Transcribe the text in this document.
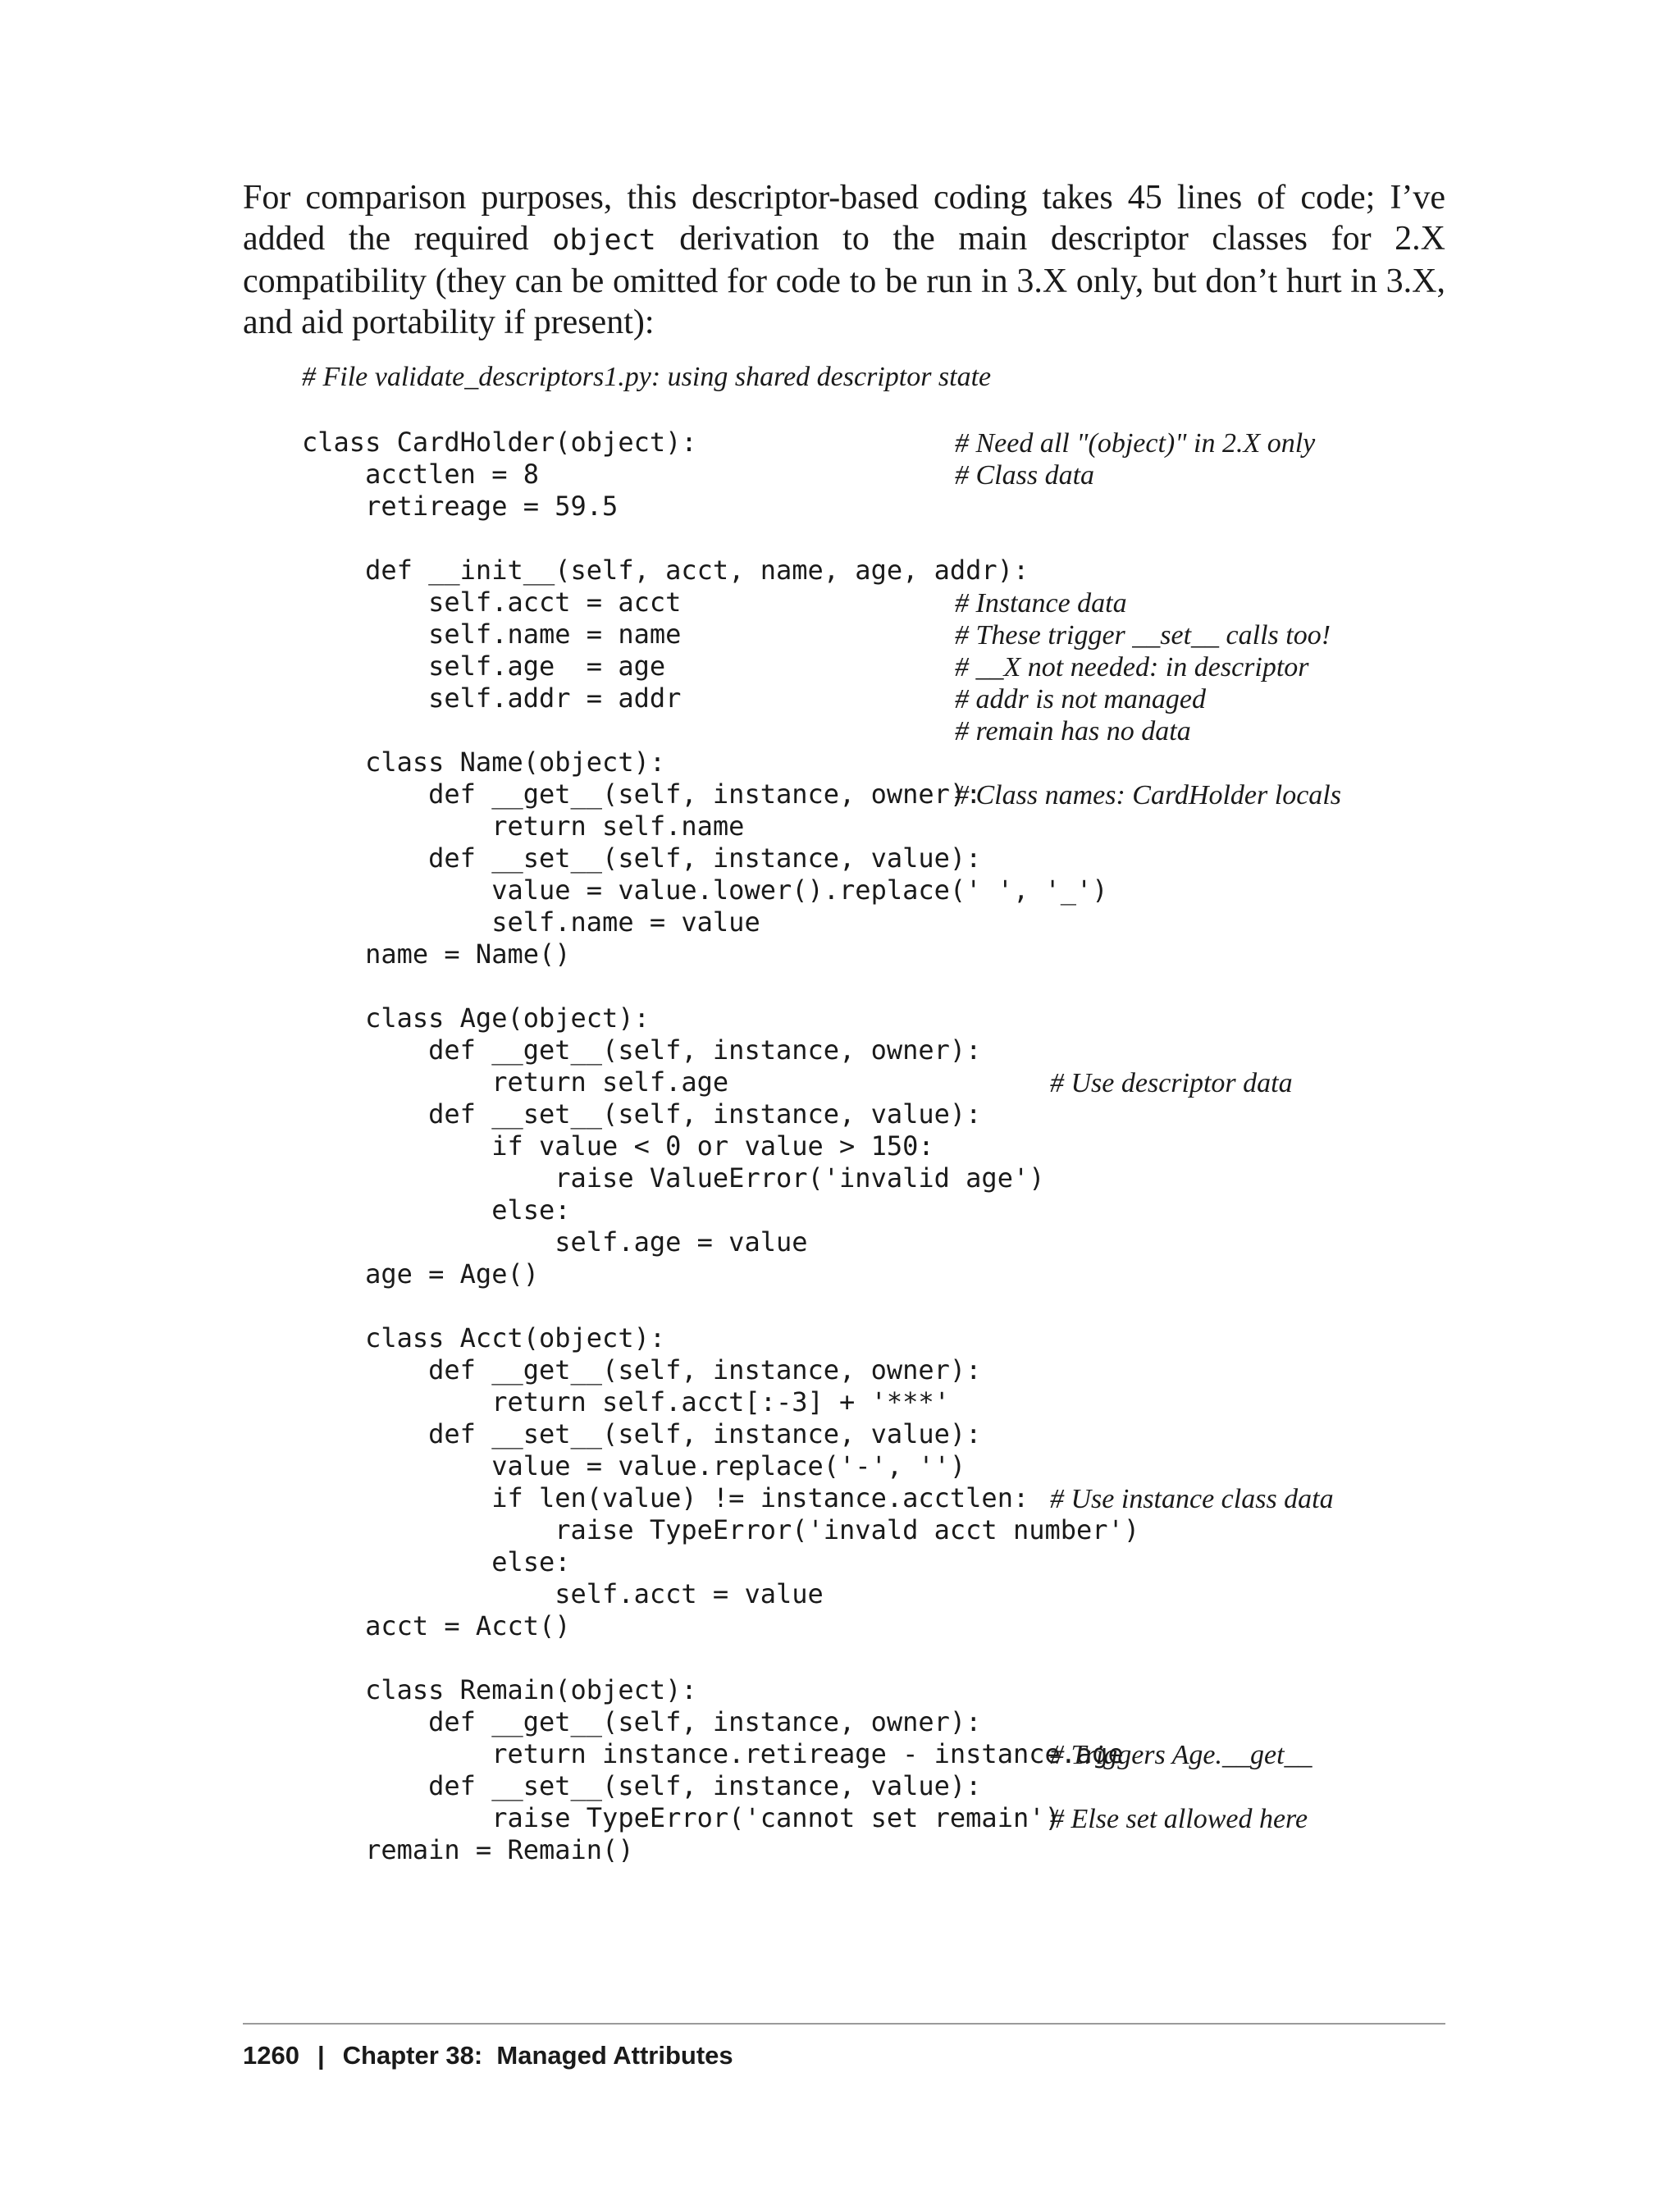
For comparison purposes, this descriptor-based coding takes 45 lines of code; I’ve added the required object derivation to the main descriptor classes for 2.X compatibility (they can be omitted for code to be run in 3.X only, but don’t hurt in 3.X, and aid portability if present):

# File validate_descriptors1.py: using shared descriptor state
class CardHolder(object):	# Need all "(object)" in 2.X only
acctlen = 8	# Class data
retireage = 59.5
def __init__(self, acct, name, age, addr):
self.acct = acct	# Instance data
self.name = name	# These trigger __set__ calls too!
self.age  = age	# __X not needed: in descriptor
self.addr = addr	# addr is not managed
# remain has no data
class Name(object):
def __get__(self, instance, owner):
# Class names: CardHolder locals
return self.name
def __set__(self, instance, value):
value = value.lower().replace(' ', '_')
self.name = value
name = Name()
class Age(object):
def __get__(self, instance, owner):
return self.age	# Use descriptor data
def __set__(self, instance, value):
if value < 0 or value > 150:
raise ValueError('invalid age')
else:
self.age = value
age = Age()
class Acct(object):
def __get__(self, instance, owner):
return self.acct[:-3] + '***'
def __set__(self, instance, value):
value = value.replace('-', '')
if len(value) != instance.acctlen: # Use instance class data
raise TypeError('invald acct number')
else:
self.acct = value
acct = Acct()
class Remain(object):
def __get__(self, instance, owner):
return instance.retireage - instance.age
# Triggers Age.__get__
def __set__(self, instance, value):
raise TypeError('cannot set remain')
# Else set allowed here
remain = Remain()
1260 | Chapter 38:  Managed Attributes
